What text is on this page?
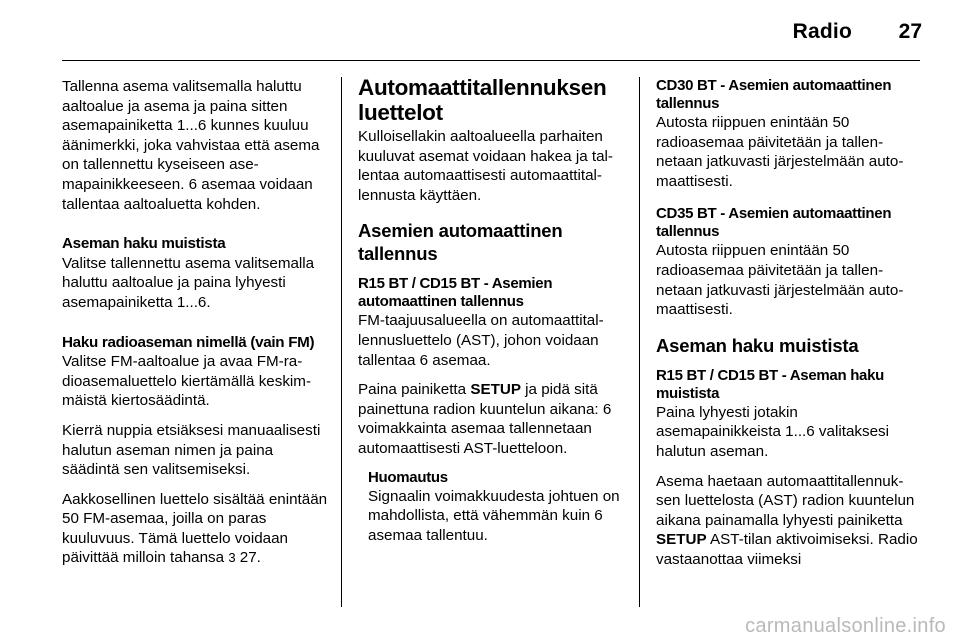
Radio 27

Tallenna asema valitsemalla haluttu aaltoalue ja asema ja paina sitten asemapainiketta 1...6 kunnes kuuluu äänimerkki, joka vahvistaa että asema on tallennettu kyseiseen asemapainikkeeseen. 6 asemaa voidaan tallentaa aaltoaluetta kohden.

Aseman haku muistista

Valitse tallennettu asema valitsemalla haluttu aaltoalue ja paina lyhyesti asemapainiketta 1...6.

Haku radioaseman nimellä (vain FM)

Valitse FM-aaltoalue ja avaa FM-radioasemaluettelo kiertämällä keskimmäistä kiertosäädintä.

Kierrä nuppia etsiäksesi manuaalisesti halutun aseman nimen ja paina säädintä sen valitsemiseksi.

Aakkosellinen luettelo sisältää enintään 50 FM-asemaa, joilla on paras kuuluvuus. Tämä luettelo voidaan päivittää milloin tahansa 3 27.

Automaattitallennuksen luettelot

Kulloisellakin aaltoalueella parhaiten kuuluvat asemat voidaan hakea ja tallentaa automaattisesti automaattitallennusta käyttäen.

Asemien automaattinen tallennus
R15 BT / CD15 BT - Asemien automaattinen tallennus

FM-taajuusalueella on automaattitallennusluettelo (AST), johon voidaan tallentaa 6 asemaa.

Paina painiketta SETUP ja pidä sitä painettuna radion kuuntelun aikana: 6 voimakkainta asemaa tallennetaan automaattisesti AST-luetteloon.

Huomautus

Signaalin voimakkuudesta johtuen on mahdollista, että vähemmän kuin 6 asemaa tallentuu.

CD30 BT - Asemien automaattinen tallennus

Autosta riippuen enintään 50 radioasemaa päivitetään ja tallennetaan jatkuvasti järjestelmään automaattisesti.

CD35 BT - Asemien automaattinen tallennus

Autosta riippuen enintään 50 radioasemaa päivitetään ja tallennetaan jatkuvasti järjestelmään automaattisesti.

Aseman haku muistista
R15 BT / CD15 BT - Aseman haku muistista

Paina lyhyesti jotakin asemapainikkeista 1...6 valitaksesi halutun aseman.

Asema haetaan automaattitallennuksen luettelosta (AST) radion kuuntelun aikana painamalla lyhyesti painiketta SETUP AST-tilan aktivoimiseksi. Radio vastaanottaa viimeksi

carmanualsonline.info
